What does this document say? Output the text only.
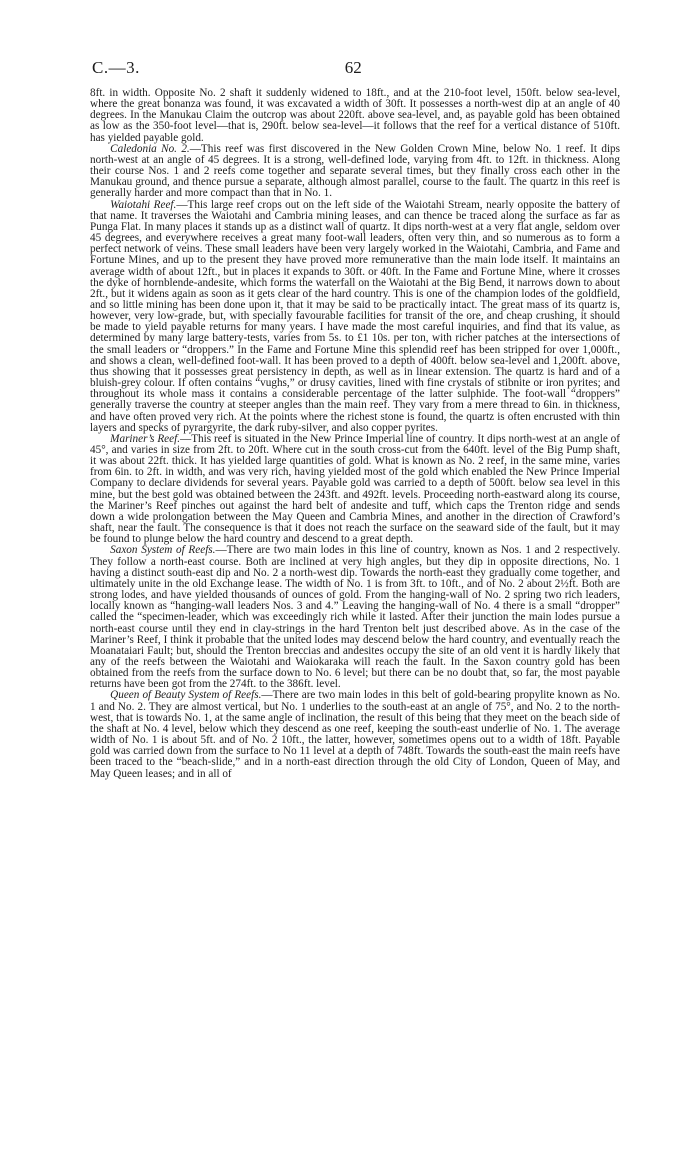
C.—3.	62

8ft. in width. Opposite No. 2 shaft it suddenly widened to 18ft., and at the 210-foot level, 150ft. below sea-level, where the great bonanza was found, it was excavated a width of 30ft. It possesses a north-west dip at an angle of 40 degrees. In the Manukau Claim the outcrop was about 220ft. above sea-level, and, as payable gold has been obtained as low as the 350-foot level—that is, 290ft. below sea-level—it follows that the reef for a vertical distance of 510ft. has yielded payable gold.

Caledonia No. 2.—This reef was first discovered in the New Golden Crown Mine, below No. 1 reef. It dips north-west at an angle of 45 degrees. It is a strong, well-defined lode, varying from 4ft. to 12ft. in thickness. Along their course Nos. 1 and 2 reefs come together and separate several times, but they finally cross each other in the Manukau ground, and thence pursue a separate, although almost parallel, course to the fault. The quartz in this reef is generally harder and more compact than that in No. 1.

Waiotahi Reef.—This large reef crops out on the left side of the Waiotahi Stream, nearly opposite the battery of that name. It traverses the Waiotahi and Cambria mining leases, and can thence be traced along the surface as far as Punga Flat. In many places it stands up as a distinct wall of quartz. It dips north-west at a very flat angle, seldom over 45 degrees, and everywhere receives a great many foot-wall leaders, often very thin, and so numerous as to form a perfect network of veins. These small leaders have been very largely worked in the Waiotahi, Cambria, and Fame and Fortune Mines, and up to the present they have proved more remunerative than the main lode itself. It maintains an average width of about 12ft., but in places it expands to 30ft. or 40ft. In the Fame and Fortune Mine, where it crosses the dyke of hornblende-andesite, which forms the waterfall on the Waiotahi at the Big Bend, it narrows down to about 2ft., but it widens again as soon as it gets clear of the hard country. This is one of the champion lodes of the goldfield, and so little mining has been done upon it, that it may be said to be practically intact. The great mass of its quartz is, however, very low-grade, but, with specially favourable facilities for transit of the ore, and cheap crushing, it should be made to yield payable returns for many years. I have made the most careful inquiries, and find that its value, as determined by many large battery-tests, varies from 5s. to £1 10s. per ton, with richer patches at the intersections of the small leaders or “droppers.” In the Fame and Fortune Mine this splendid reef has been stripped for over 1,000ft., and shows a clean, well-defined foot-wall. It has been proved to a depth of 400ft. below sea-level and 1,200ft. above, thus showing that it possesses great persistency in depth, as well as in linear extension. The quartz is hard and of a bluish-grey colour. If often contains “vughs,” or drusy cavities, lined with fine crystals of stibnite or iron pyrites; and throughout its whole mass it contains a considerable percentage of the latter sulphide. The foot-wall “droppers” generally traverse the country at steeper angles than the main reef. They vary from a mere thread to 6in. in thickness, and have often proved very rich. At the points where the richest stone is found, the quartz is often encrusted with thin layers and specks of pyrargyrite, the dark ruby-silver, and also copper pyrites.

Mariner’s Reef.—This reef is situated in the New Prince Imperial line of country. It dips north-west at an angle of 45°, and varies in size from 2ft. to 20ft. Where cut in the south cross-cut from the 640ft. level of the Big Pump shaft, it was about 22ft. thick. It has yielded large quantities of gold. What is known as No. 2 reef, in the same mine, varies from 6in. to 2ft. in width, and was very rich, having yielded most of the gold which enabled the New Prince Imperial Company to declare dividends for several years. Payable gold was carried to a depth of 500ft. below sea level in this mine, but the best gold was obtained between the 243ft. and 492ft. levels. Proceeding north-eastward along its course, the Mariner’s Reef pinches out against the hard belt of andesite and tuff, which caps the Trenton ridge and sends down a wide prolongation between the May Queen and Cambria Mines, and another in the direction of Crawford’s shaft, near the fault. The consequence is that it does not reach the surface on the seaward side of the fault, but it may be found to plunge below the hard country and descend to a great depth.

Saxon System of Reefs.—There are two main lodes in this line of country, known as Nos. 1 and 2 respectively. They follow a north-east course. Both are inclined at very high angles, but they dip in opposite directions, No. 1 having a distinct south-east dip and No. 2 a north-west dip. Towards the north-east they gradually come together, and ultimately unite in the old Exchange lease. The width of No. 1 is from 3ft. to 10ft., and of No. 2 about 2½ft. Both are strong lodes, and have yielded thousands of ounces of gold. From the hanging-wall of No. 2 spring two rich leaders, locally known as “hanging-wall leaders Nos. 3 and 4.” Leaving the hanging-wall of No. 4 there is a small “dropper” called the “specimen-leader, which was exceedingly rich while it lasted. After their junction the main lodes pursue a north-east course until they end in clay-strings in the hard Trenton belt just described above. As in the case of the Mariner’s Reef, I think it probable that the united lodes may descend below the hard country, and eventually reach the Moanataiari Fault; but, should the Trenton breccias and andesites occupy the site of an old vent it is hardly likely that any of the reefs between the Waiotahi and Waiokaraka will reach the fault. In the Saxon country gold has been obtained from the reefs from the surface down to No. 6 level; but there can be no doubt that, so far, the most payable returns have been got from the 274ft. to the 386ft. level.

Queen of Beauty System of Reefs.—There are two main lodes in this belt of gold-bearing propylite known as No. 1 and No. 2. They are almost vertical, but No. 1 underlies to the south-east at an angle of 75°, and No. 2 to the north-west, that is towards No. 1, at the same angle of inclination, the result of this being that they meet on the beach side of the shaft at No. 4 level, below which they descend as one reef, keeping the south-east underlie of No. 1. The average width of No. 1 is about 5ft. and of No. 2 10ft., the latter, however, sometimes opens out to a width of 18ft. Payable gold was carried down from the surface to No 11 level at a depth of 748ft. Towards the south-east the main reefs have been traced to the “beach-slide,” and in a north-east direction through the old City of London, Queen of May, and May Queen leases; and in all of
